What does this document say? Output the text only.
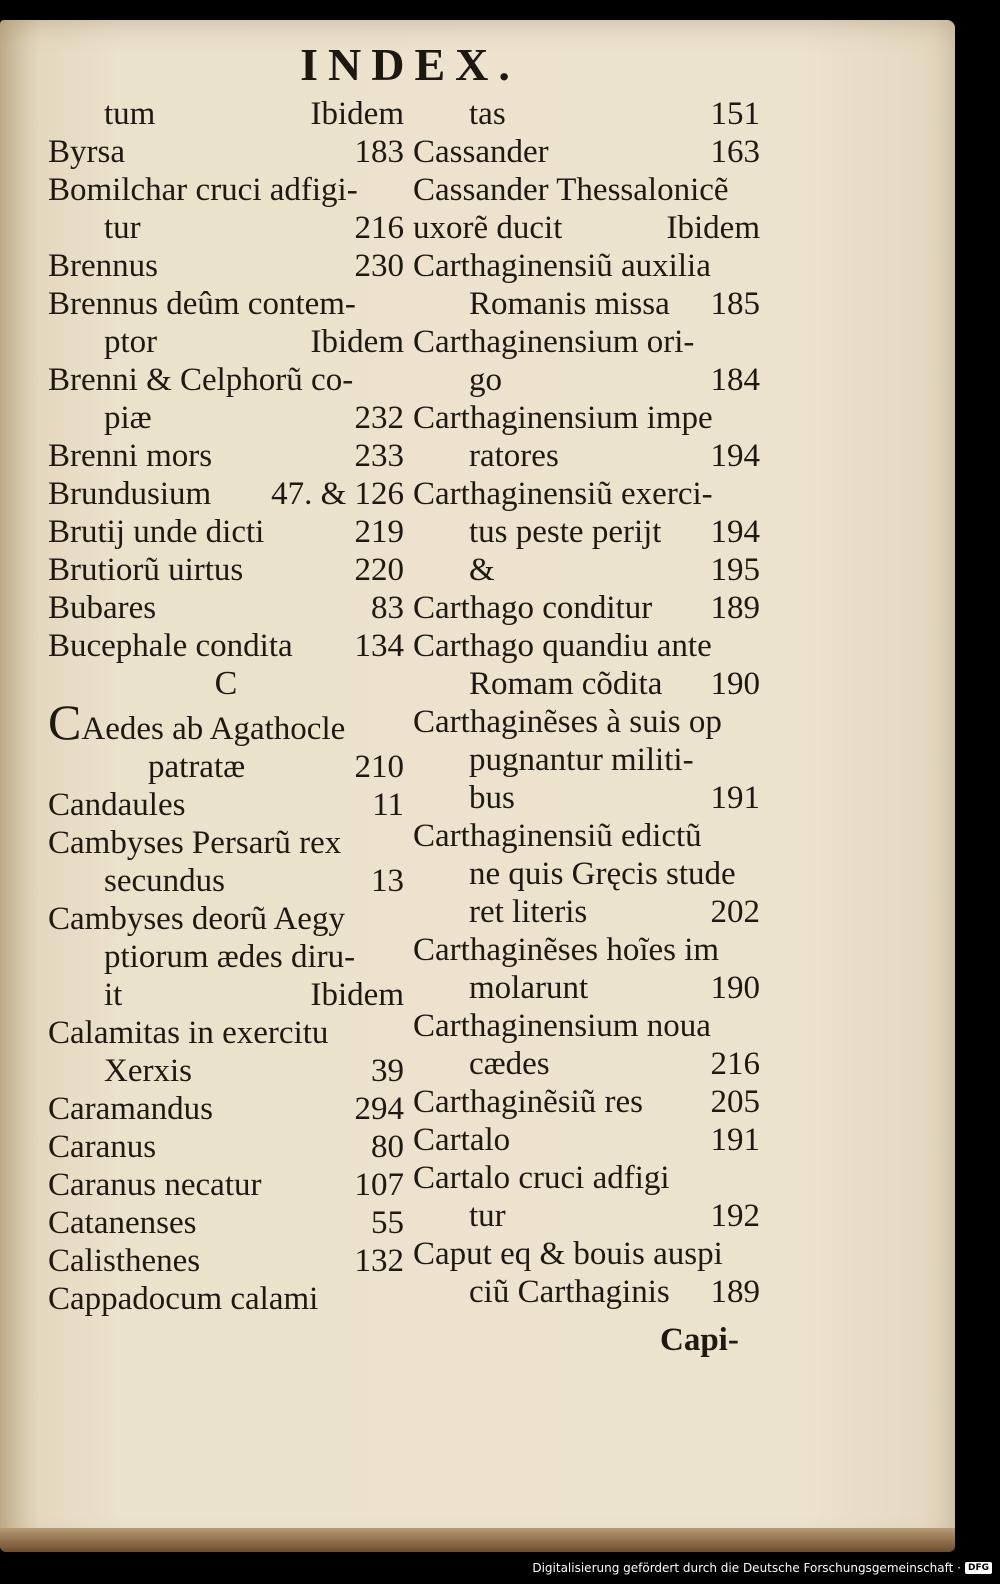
INDEX.
tum	Ibidem
Byrsa	183
Bomilchar cruci adfigi-
tur	216
Brennus	230
Brennus deûm contem-
ptor	Ibidem
Brenni & Celphorũ co-
piæ	232
Brenni mors	233
Brundusium	47. & 126
Brutij unde dicti	219
Brutiorũ uirtus	220
Bubares	83
Bucephale condita	134
C
CAedes ab Agathocle
patratæ	210
Candaules	11
Cambyses Persarũ rex
secundus	13
Cambyses deorũ Aegy
ptiorum ædes diru-
it	Ibidem
Calamitas in exercitu
Xerxis	39
Caramandus	294
Caranus	80
Caranus necatur	107
Catanenses	55
Calisthenes	132
Cappadocum calami
tas	151
Cassander	163
Cassander Thessalonicẽ
uxorẽ ducit	Ibidem
Carthaginensiũ auxilia
Romanis missa	185
Carthaginensium ori-
go	184
Carthaginensium impe
ratores	194
Carthaginensiũ exerci-
tus peste perijt	194
&	195
Carthago conditur	189
Carthago quandiu ante
Romam cõdita	190
Carthaginẽses à suis op
pugnantur militi-
bus	191
Carthaginensiũ edictũ
ne quis Gręcis stude
ret literis	202
Carthaginẽses hoĩes im
molarunt	190
Carthaginensium noua
cædes	216
Carthaginẽsiũ res	205
Cartalo	191
Cartalo cruci adfigi
tur	192
Caput eq & bouis auspi
ciũ Carthaginis	189
Capi-
Digitalisierung gefördert durch die Deutsche Forschungsgemeinschaft · DFG
